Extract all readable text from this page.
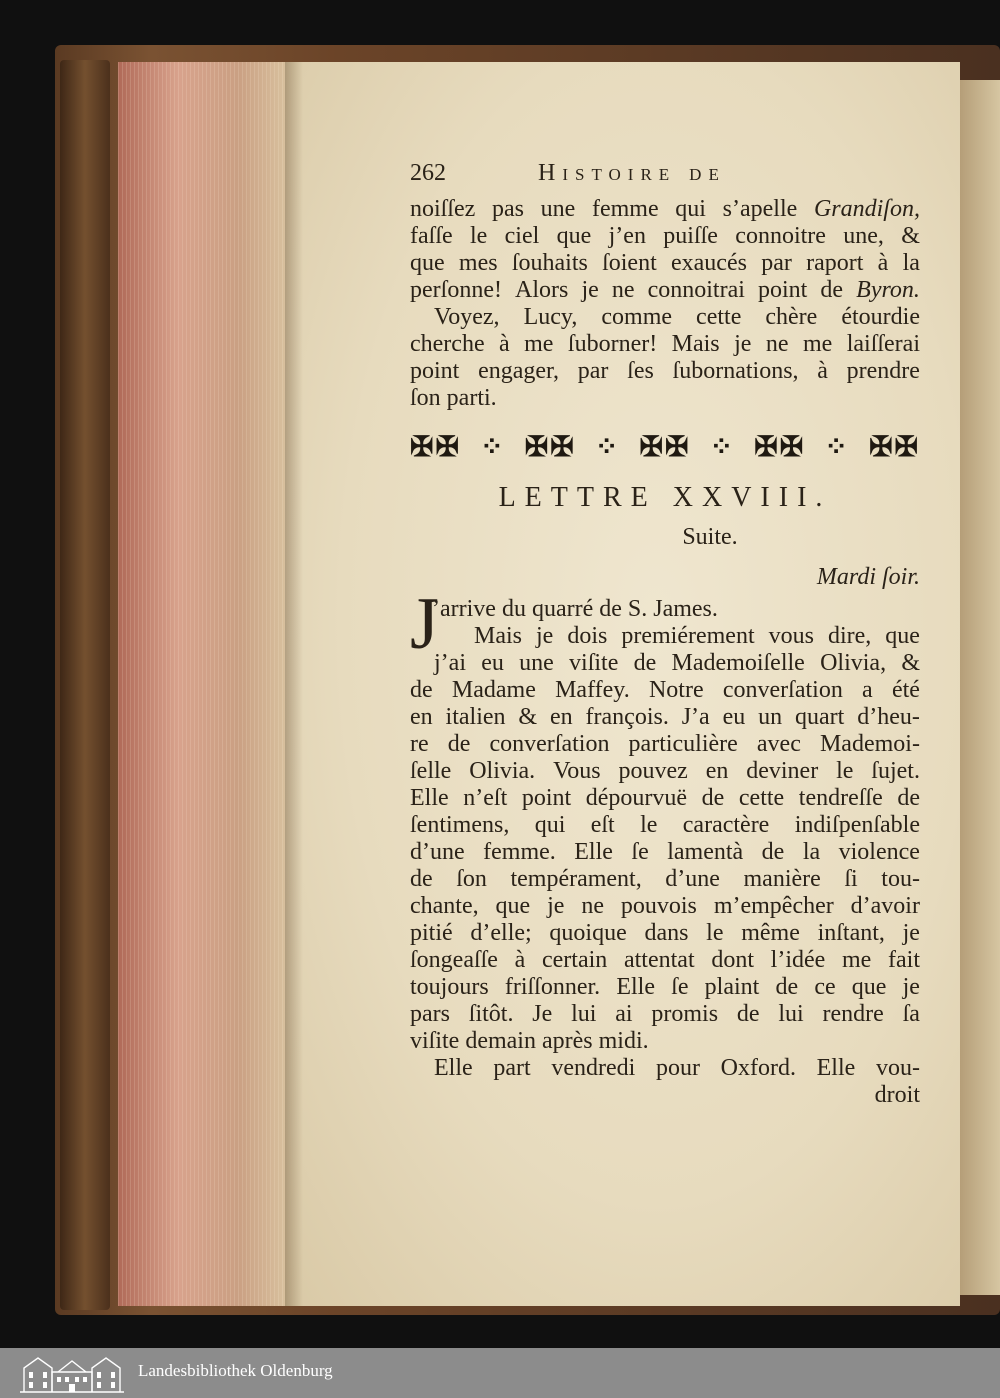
262	Histoire de
noiſſez pas une femme qui s’apelle Grandiſon,
faſſe le ciel que j’en puiſſe connoitre une, &
que mes ſouhaits ſoient exaucés par raport à la
perſonne! Alors je ne connoitrai point de Byron.
Voyez, Lucy, comme cette chère étourdie
cherche à me ſuborner! Mais je ne me laiſſerai
point engager, par ſes ſubornations, à prendre
ſon parti.
✠✠ ⁘ ✠✠ ⁘ ✠✠ ⁘ ✠✠ ⁘ ✠✠
LETTRE XXVIII.
Suite.
Mardi ſoir.
J
’arrive du quarré de S. James.
Mais je dois premiérement vous dire, que
j’ai eu une viſite de Mademoiſelle Olivia, &
de Madame Maffey. Notre converſation a été
en italien & en françois. J’a eu un quart d’heu-
re de converſation particulière avec Mademoi-
ſelle Olivia. Vous pouvez en deviner le ſujet.
Elle n’eſt point dépourvuë de cette tendreſſe de
ſentimens, qui eſt le caractère indiſpenſable
d’une femme. Elle ſe lamentà de la violence
de ſon tempérament, d’une manière ſi tou-
chante, que je ne pouvois m’empêcher d’avoir
pitié d’elle; quoique dans le même inſtant, je
ſongeaſſe à certain attentat dont l’idée me fait
toujours friſſonner. Elle ſe plaint de ce que je
pars ſitôt. Je lui ai promis de lui rendre ſa
viſite demain après midi.
Elle part vendredi pour Oxford. Elle vou-
droit
Landesbibliothek Oldenburg
